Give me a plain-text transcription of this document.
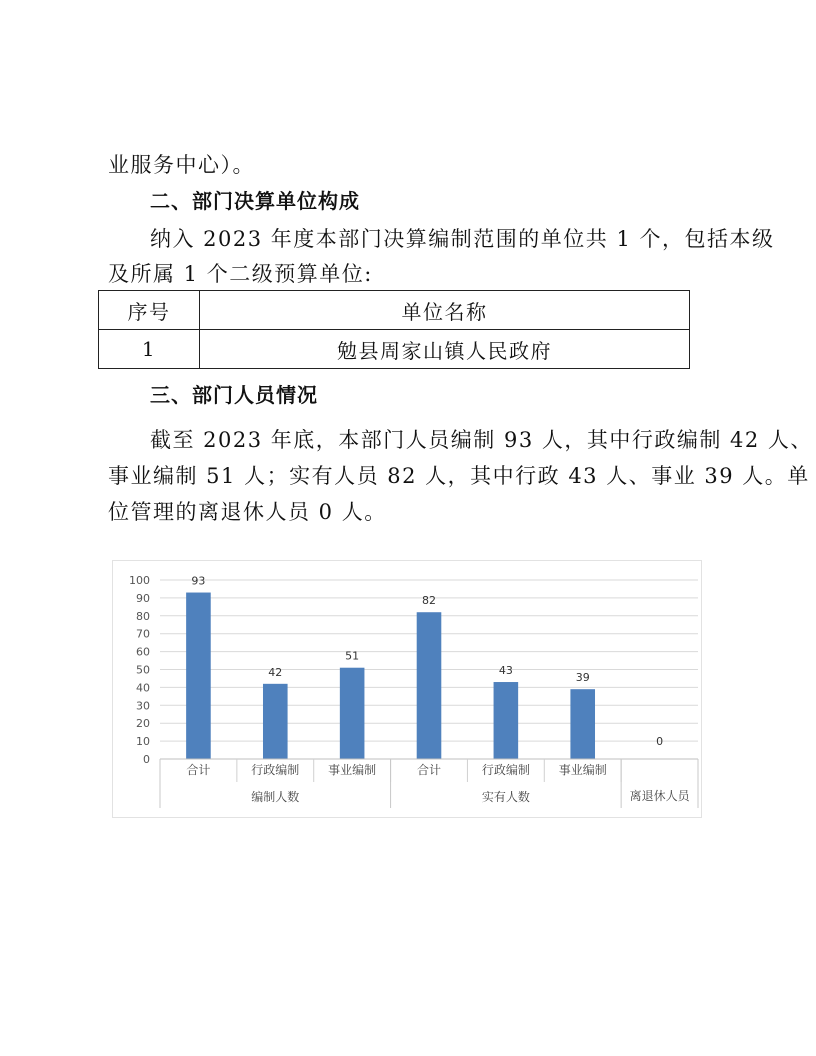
业服务中心）。
二、部门决算单位构成
纳入 2023 年度本部门决算编制范围的单位共 1 个，包括本级
及所属 1 个二级预算单位:
序号	单位名称
1	勉县周家山镇人民政府
三、部门人员情况
截至 2023 年底，本部门人员编制 93 人，其中行政编制 42 人、
事业编制 51 人；实有人员 82 人，其中行政 43 人、事业 39 人。单
位管理的离退休人员 0 人。
0
10
20
30
40
50
60
70
80
90
100	93
42
51
82
43
39
0
合计	行政编制 事业编制	合计	行政编制 事业编制
离退休人员
编制人数	实有人数
